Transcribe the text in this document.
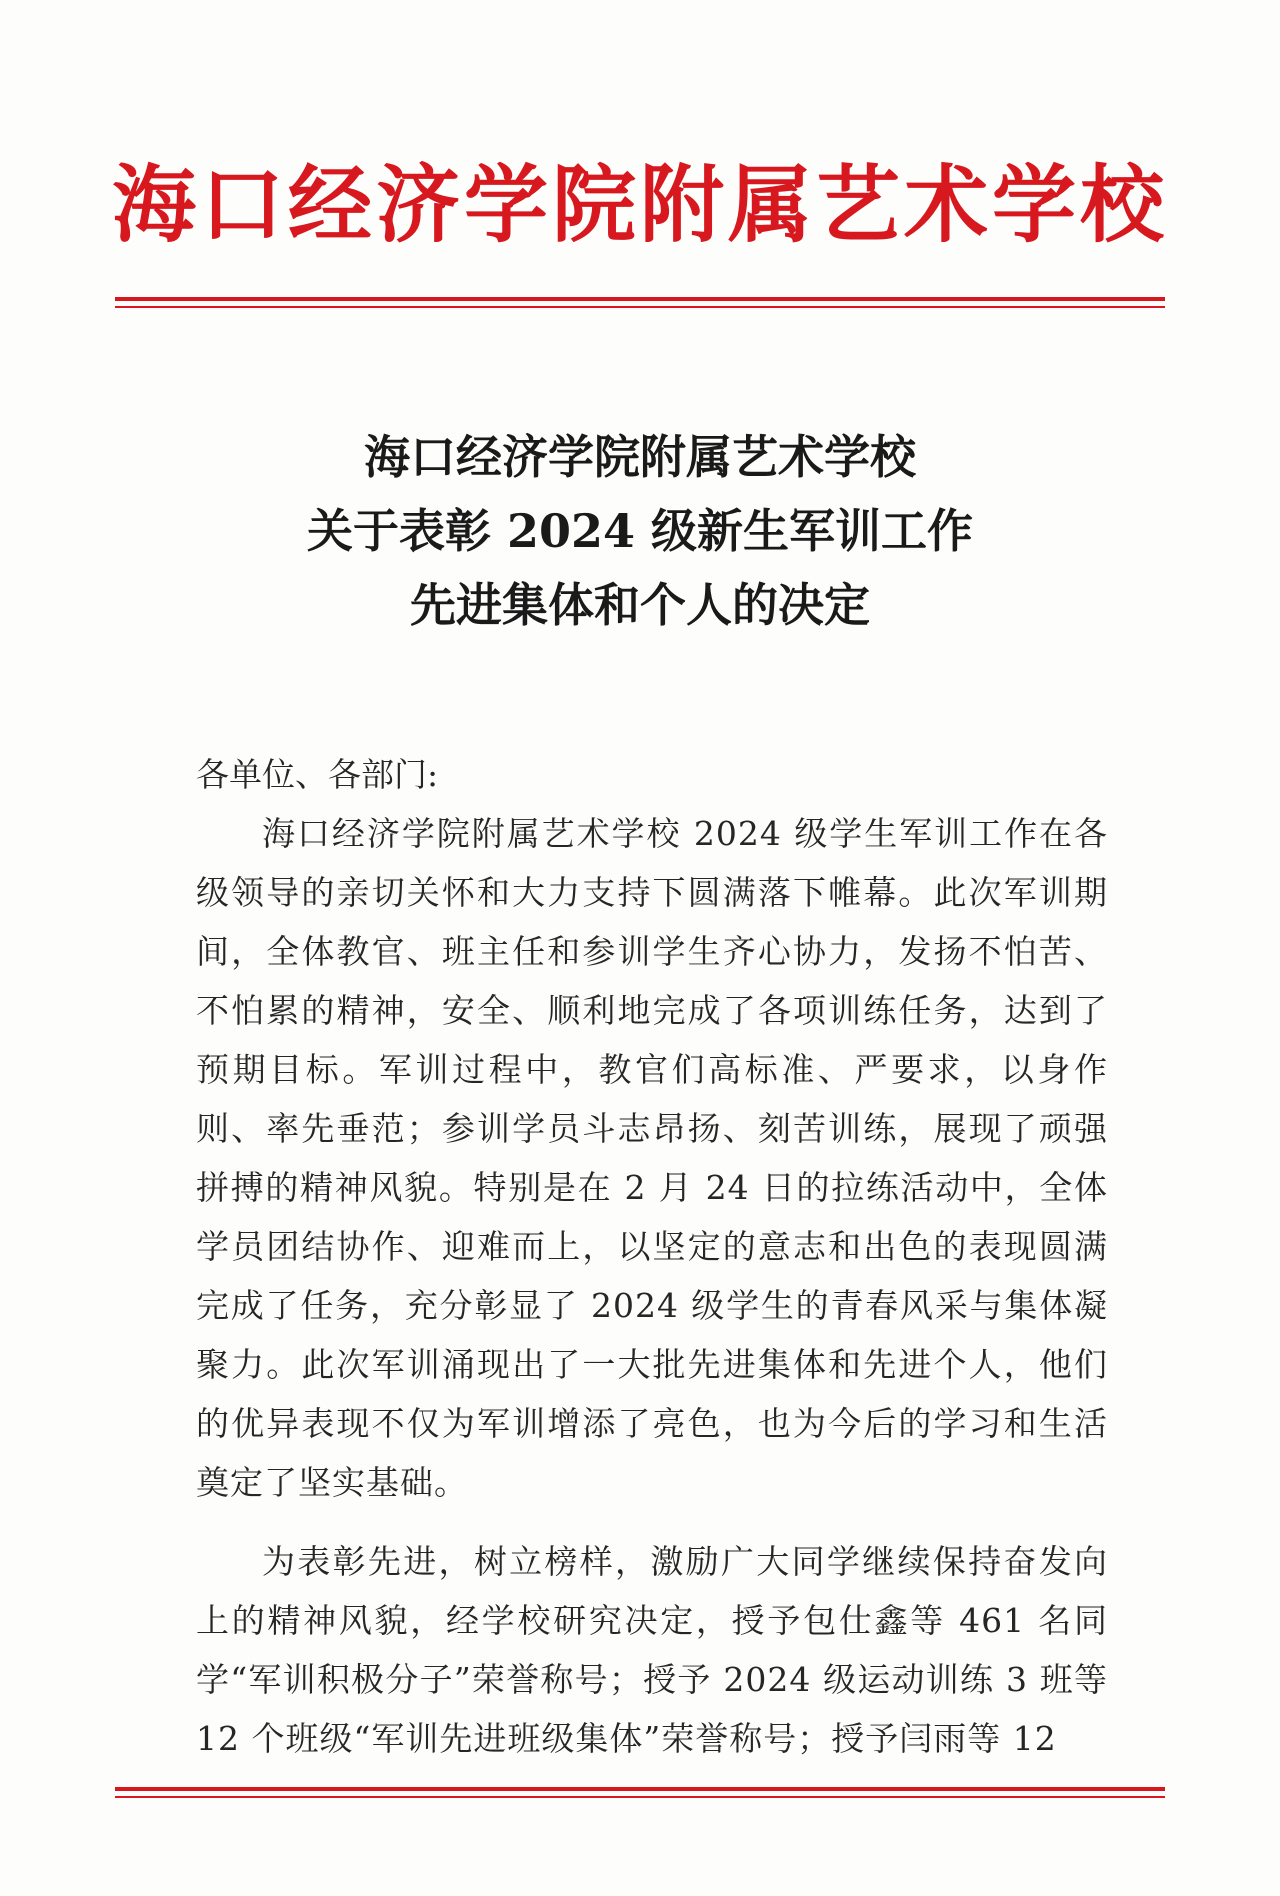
海口经济学院附属艺术学校
海口经济学院附属艺术学校
关于表彰 2024 级新生军训工作
先进集体和个人的决定

各单位、各部门:

海口经济学院附属艺术学校 2024 级学生军训工作在各级领导的亲切关怀和大力支持下圆满落下帷幕。此次军训期间，全体教官、班主任和参训学生齐心协力，发扬不怕苦、不怕累的精神，安全、顺利地完成了各项训练任务，达到了预期目标。军训过程中，教官们高标准、严要求，以身作则、率先垂范；参训学员斗志昂扬、刻苦训练，展现了顽强拼搏的精神风貌。特别是在 2 月 24 日的拉练活动中，全体学员团结协作、迎难而上，以坚定的意志和出色的表现圆满完成了任务，充分彰显了 2024 级学生的青春风采与集体凝聚力。此次军训涌现出了一大批先进集体和先进个人，他们的优异表现不仅为军训增添了亮色，也为今后的学习和生活奠定了坚实基础。

为表彰先进，树立榜样，激励广大同学继续保持奋发向上的精神风貌，经学校研究决定，授予包仕鑫等 461 名同学“军训积极分子”荣誉称号；授予 2024 级运动训练 3 班等 12 个班级“军训先进班级集体”荣誉称号；授予闫雨等 12
